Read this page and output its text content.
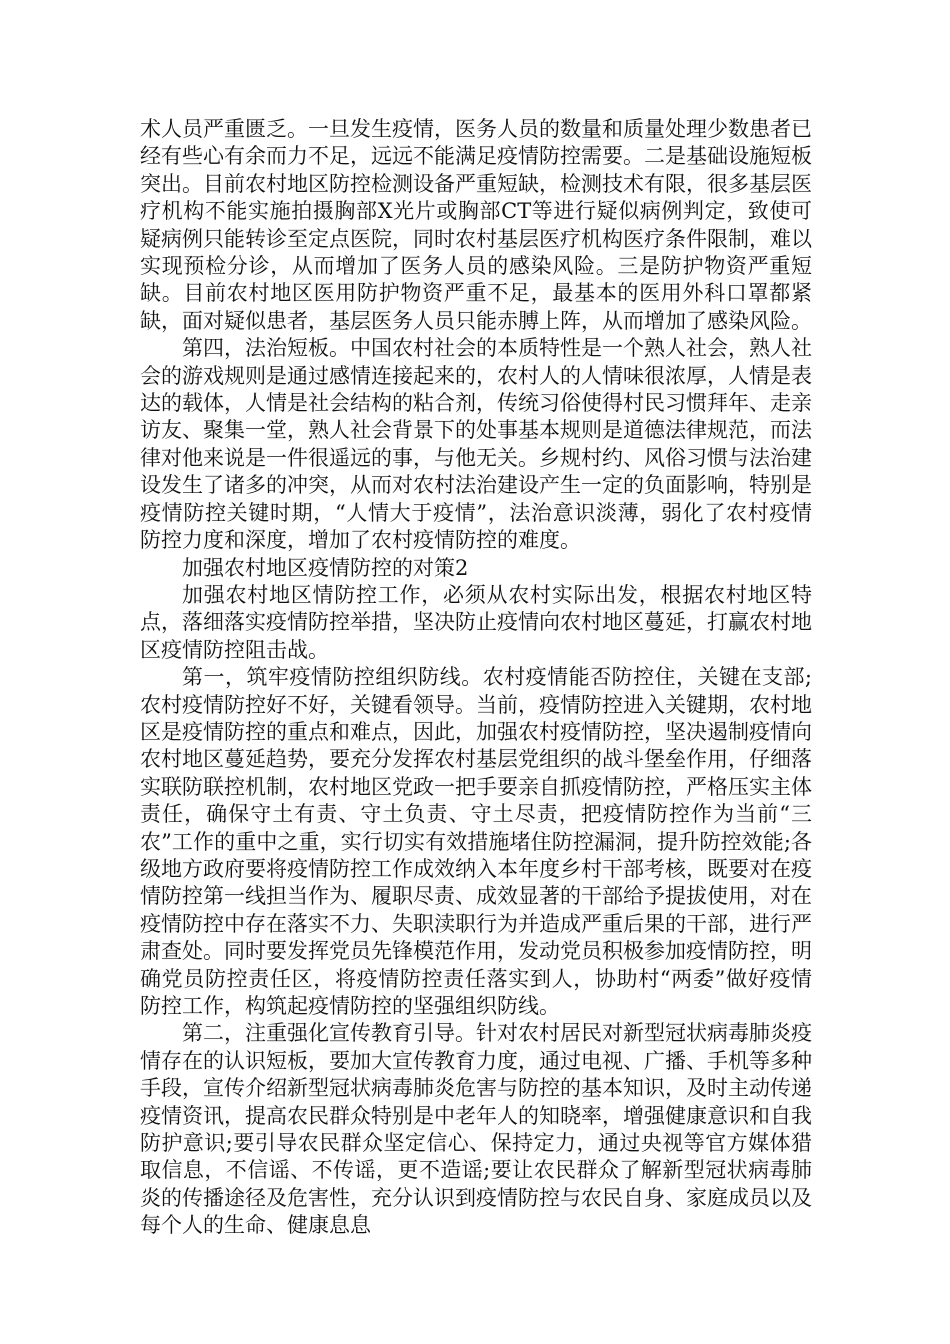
术人员严重匮乏。一旦发生疫情，医务人员的数量和质量处理少数患者已经有些心有余而力不足，远远不能满足疫情防控需要。二是基础设施短板突出。目前农村地区防控检测设备严重短缺，检测技术有限，很多基层医疗机构不能实施拍摄胸部X光片或胸部CT等进行疑似病例判定，致使可疑病例只能转诊至定点医院，同时农村基层医疗机构医疗条件限制，难以实现预检分诊，从而增加了医务人员的感染风险。三是防护物资严重短缺。目前农村地区医用防护物资严重不足，最基本的医用外科口罩都紧缺，面对疑似患者，基层医务人员只能赤膊上阵，从而增加了感染风险。

第四，法治短板。中国农村社会的本质特性是一个熟人社会，熟人社会的游戏规则是通过感情连接起来的，农村人的人情味很浓厚，人情是表达的载体，人情是社会结构的粘合剂，传统习俗使得村民习惯拜年、走亲访友、聚集一堂，熟人社会背景下的处事基本规则是道德法律规范，而法律对他来说是一件很遥远的事，与他无关。乡规村约、风俗习惯与法治建设发生了诸多的冲突，从而对农村法治建设产生一定的负面影响，特别是疫情防控关键时期，“人情大于疫情”，法治意识淡薄，弱化了农村疫情防控力度和深度，增加了农村疫情防控的难度。

加强农村地区疫情防控的对策2

加强农村地区情防控工作，必须从农村实际出发，根据农村地区特点，落细落实疫情防控举措，坚决防止疫情向农村地区蔓延，打赢农村地区疫情防控阻击战。

第一，筑牢疫情防控组织防线。农村疫情能否防控住，关键在支部;农村疫情防控好不好，关键看领导。当前，疫情防控进入关键期，农村地区是疫情防控的重点和难点，因此，加强农村疫情防控，坚决遏制疫情向农村地区蔓延趋势，要充分发挥农村基层党组织的战斗堡垒作用，仔细落实联防联控机制，农村地区党政一把手要亲自抓疫情防控，严格压实主体责任，确保守土有责、守土负责、守土尽责，把疫情防控作为当前“三农”工作的重中之重，实行切实有效措施堵住防控漏洞，提升防控效能;各级地方政府要将疫情防控工作成效纳入本年度乡村干部考核，既要对在疫情防控第一线担当作为、履职尽责、成效显著的干部给予提拔使用，对在疫情防控中存在落实不力、失职渎职行为并造成严重后果的干部，进行严肃查处。同时要发挥党员先锋模范作用，发动党员积极参加疫情防控，明确党员防控责任区，将疫情防控责任落实到人，协助村“两委”做好疫情防控工作，构筑起疫情防控的坚强组织防线。

第二，注重强化宣传教育引导。针对农村居民对新型冠状病毒肺炎疫情存在的认识短板，要加大宣传教育力度，通过电视、广播、手机等多种手段，宣传介绍新型冠状病毒肺炎危害与防控的基本知识，及时主动传递疫情资讯，提高农民群众特别是中老年人的知晓率，增强健康意识和自我防护意识;要引导农民群众坚定信心、保持定力，通过央视等官方媒体猎取信息，不信谣、不传谣，更不造谣;要让农民群众了解新型冠状病毒肺炎的传播途径及危害性，充分认识到疫情防控与农民自身、家庭成员以及每个人的生命、健康息息
